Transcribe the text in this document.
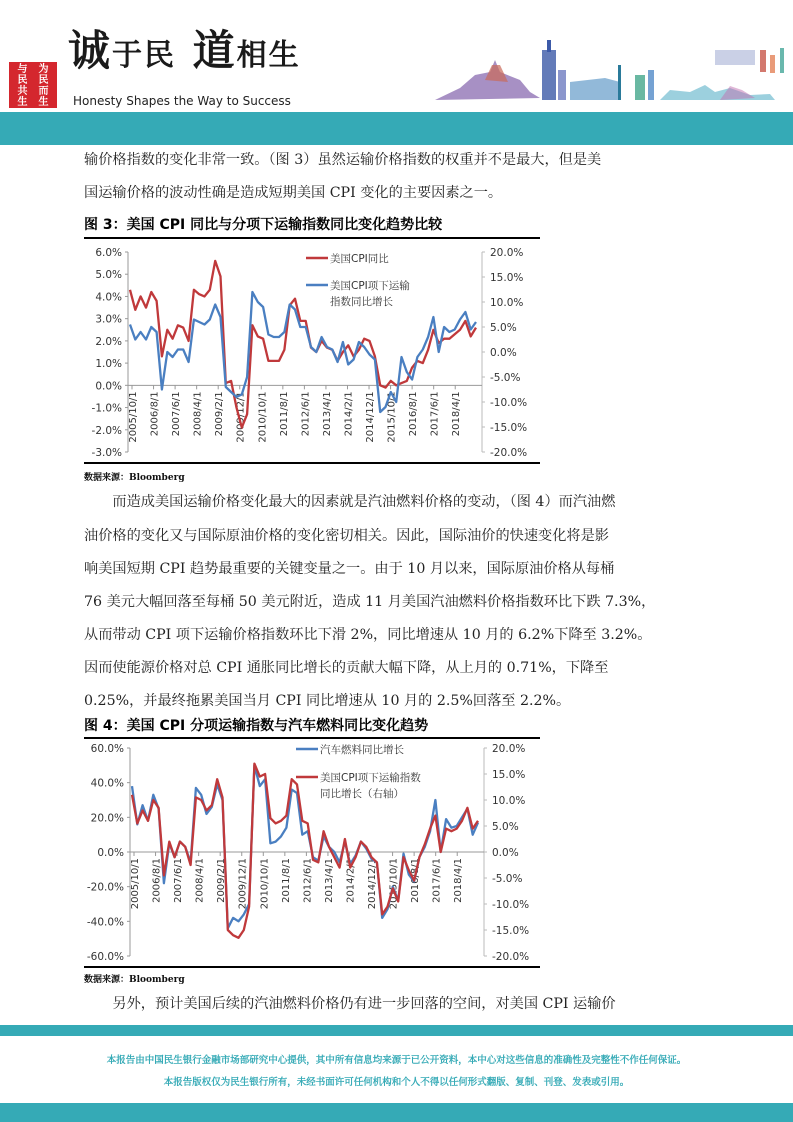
与	为
民	民
共	而
生	生
诚于民 道相生
Honesty Shapes the Way to Success
输价格指数的变化非常一致。（图 3）虽然运输价格指数的权重并不是最大，但是美
国运输价格的波动性确是造成短期美国 CPI 变化的主要因素之一。
图 3：美国 CPI 同比与分项下运输指数同比变化趋势比较
6.0%
5.0%
4.0%
3.0%
2.0%
1.0%
0.0%
-1.0%
-2.0%
-3.0%
20.0%
15.0%
10.0%
5.0%
0.0%
-5.0%
-10.0%
-15.0%
-20.0%
2005/10/1 2006/8/1 2007/6/1 2008/4/1 2009/2/1 2009/12/1 2010/10/1 2011/8/1 2012/6/1 2013/4/1 2014/2/1 2014/12/1 2015/10/1 2016/8/1 2017/6/1 2018/4/1
美国CPI同比
美国CPI项下运输
指数同比增长
数据来源：Bloomberg
　　而造成美国运输价格变化最大的因素就是汽油燃料价格的变动，（图 4）而汽油燃
油价格的变化又与国际原油价格的变化密切相关。因此，国际油价的快速变化将是影
响美国短期 CPI 趋势最重要的关键变量之一。由于 10 月以来，国际原油价格从每桶
76 美元大幅回落至每桶 50 美元附近，造成 11 月美国汽油燃料价格指数环比下跌 7.3%，
从而带动 CPI 项下运输价格指数环比下滑 2%，同比增速从 10 月的 6.2%下降至 3.2%。
因而使能源价格对总 CPI 通胀同比增长的贡献大幅下降，从上月的 0.71%，下降至
0.25%，并最终拖累美国当月 CPI 同比增速从 10 月的 2.5%回落至 2.2%。
图 4：美国 CPI 分项运输指数与汽车燃料同比变化趋势
60.0%
40.0%
20.0%
0.0%
-20.0%
-40.0%
-60.0%
20.0%
15.0%
10.0%
5.0%
0.0%
-5.0%
-10.0%
-15.0%
-20.0%
2005/10/1 2006/8/1 2007/6/1 2008/4/1 2009/2/1 2009/12/1 2010/10/1 2011/8/1 2012/6/1 2013/4/1 2014/2/1 2014/12/1 2015/10/1 2016/8/1 2017/6/1 2018/4/1
汽车燃料同比增长
美国CPI项下运输指数
同比增长（右轴）
数据来源：Bloomberg
　　另外，预计美国后续的汽油燃料价格仍有进一步回落的空间，对美国 CPI 运输价
本报告由中国民生银行金融市场部研究中心提供，其中所有信息均来源于已公开资料，本中心对这些信息的准确性及完整性不作任何保证。
本报告版权仅为民生银行所有，未经书面许可任何机构和个人不得以任何形式翻版、复制、刊登、发表或引用。
